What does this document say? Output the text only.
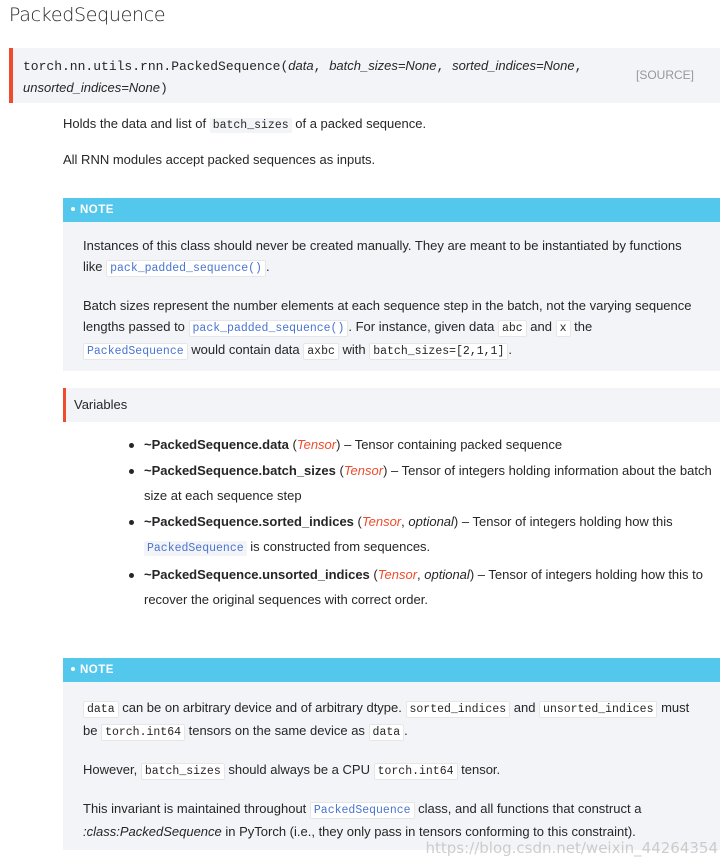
PackedSequence
torch.nn.utils.rnn.PackedSequence(data, batch_sizes=None, sorted_indices=None,
unsorted_indices=None)
[SOURCE]
Holds the data and list of batch_sizes of a packed sequence.
All RNN modules accept packed sequences as inputs.
NOTE

Instances of this class should never be created manually. They are meant to be instantiated by functions like pack_padded_sequence() .

Batch sizes represent the number elements at each sequence step in the batch, not the varying sequence lengths passed to pack_padded_sequence() . For instance, given data abc and x the PackedSequence would contain data axbc with batch_sizes=[2,1,1] .

Variables
~PackedSequence.data (Tensor) – Tensor containing packed sequence
~PackedSequence.batch_sizes (Tensor) – Tensor of integers holding information about the batch size at each sequence step
~PackedSequence.sorted_indices (Tensor, optional) – Tensor of integers holding how this PackedSequence is constructed from sequences.
~PackedSequence.unsorted_indices (Tensor, optional) – Tensor of integers holding how this to recover the original sequences with correct order.
NOTE

data can be on arbitrary device and of arbitrary dtype. sorted_indices and unsorted_indices must be torch.int64 tensors on the same device as data .

However, batch_sizes should always be a CPU torch.int64 tensor.

This invariant is maintained throughout PackedSequence class, and all functions that construct a :class:PackedSequence in PyTorch (i.e., they only pass in tensors conforming to this constraint).

https://blog.csdn.net/weixin_44264354
